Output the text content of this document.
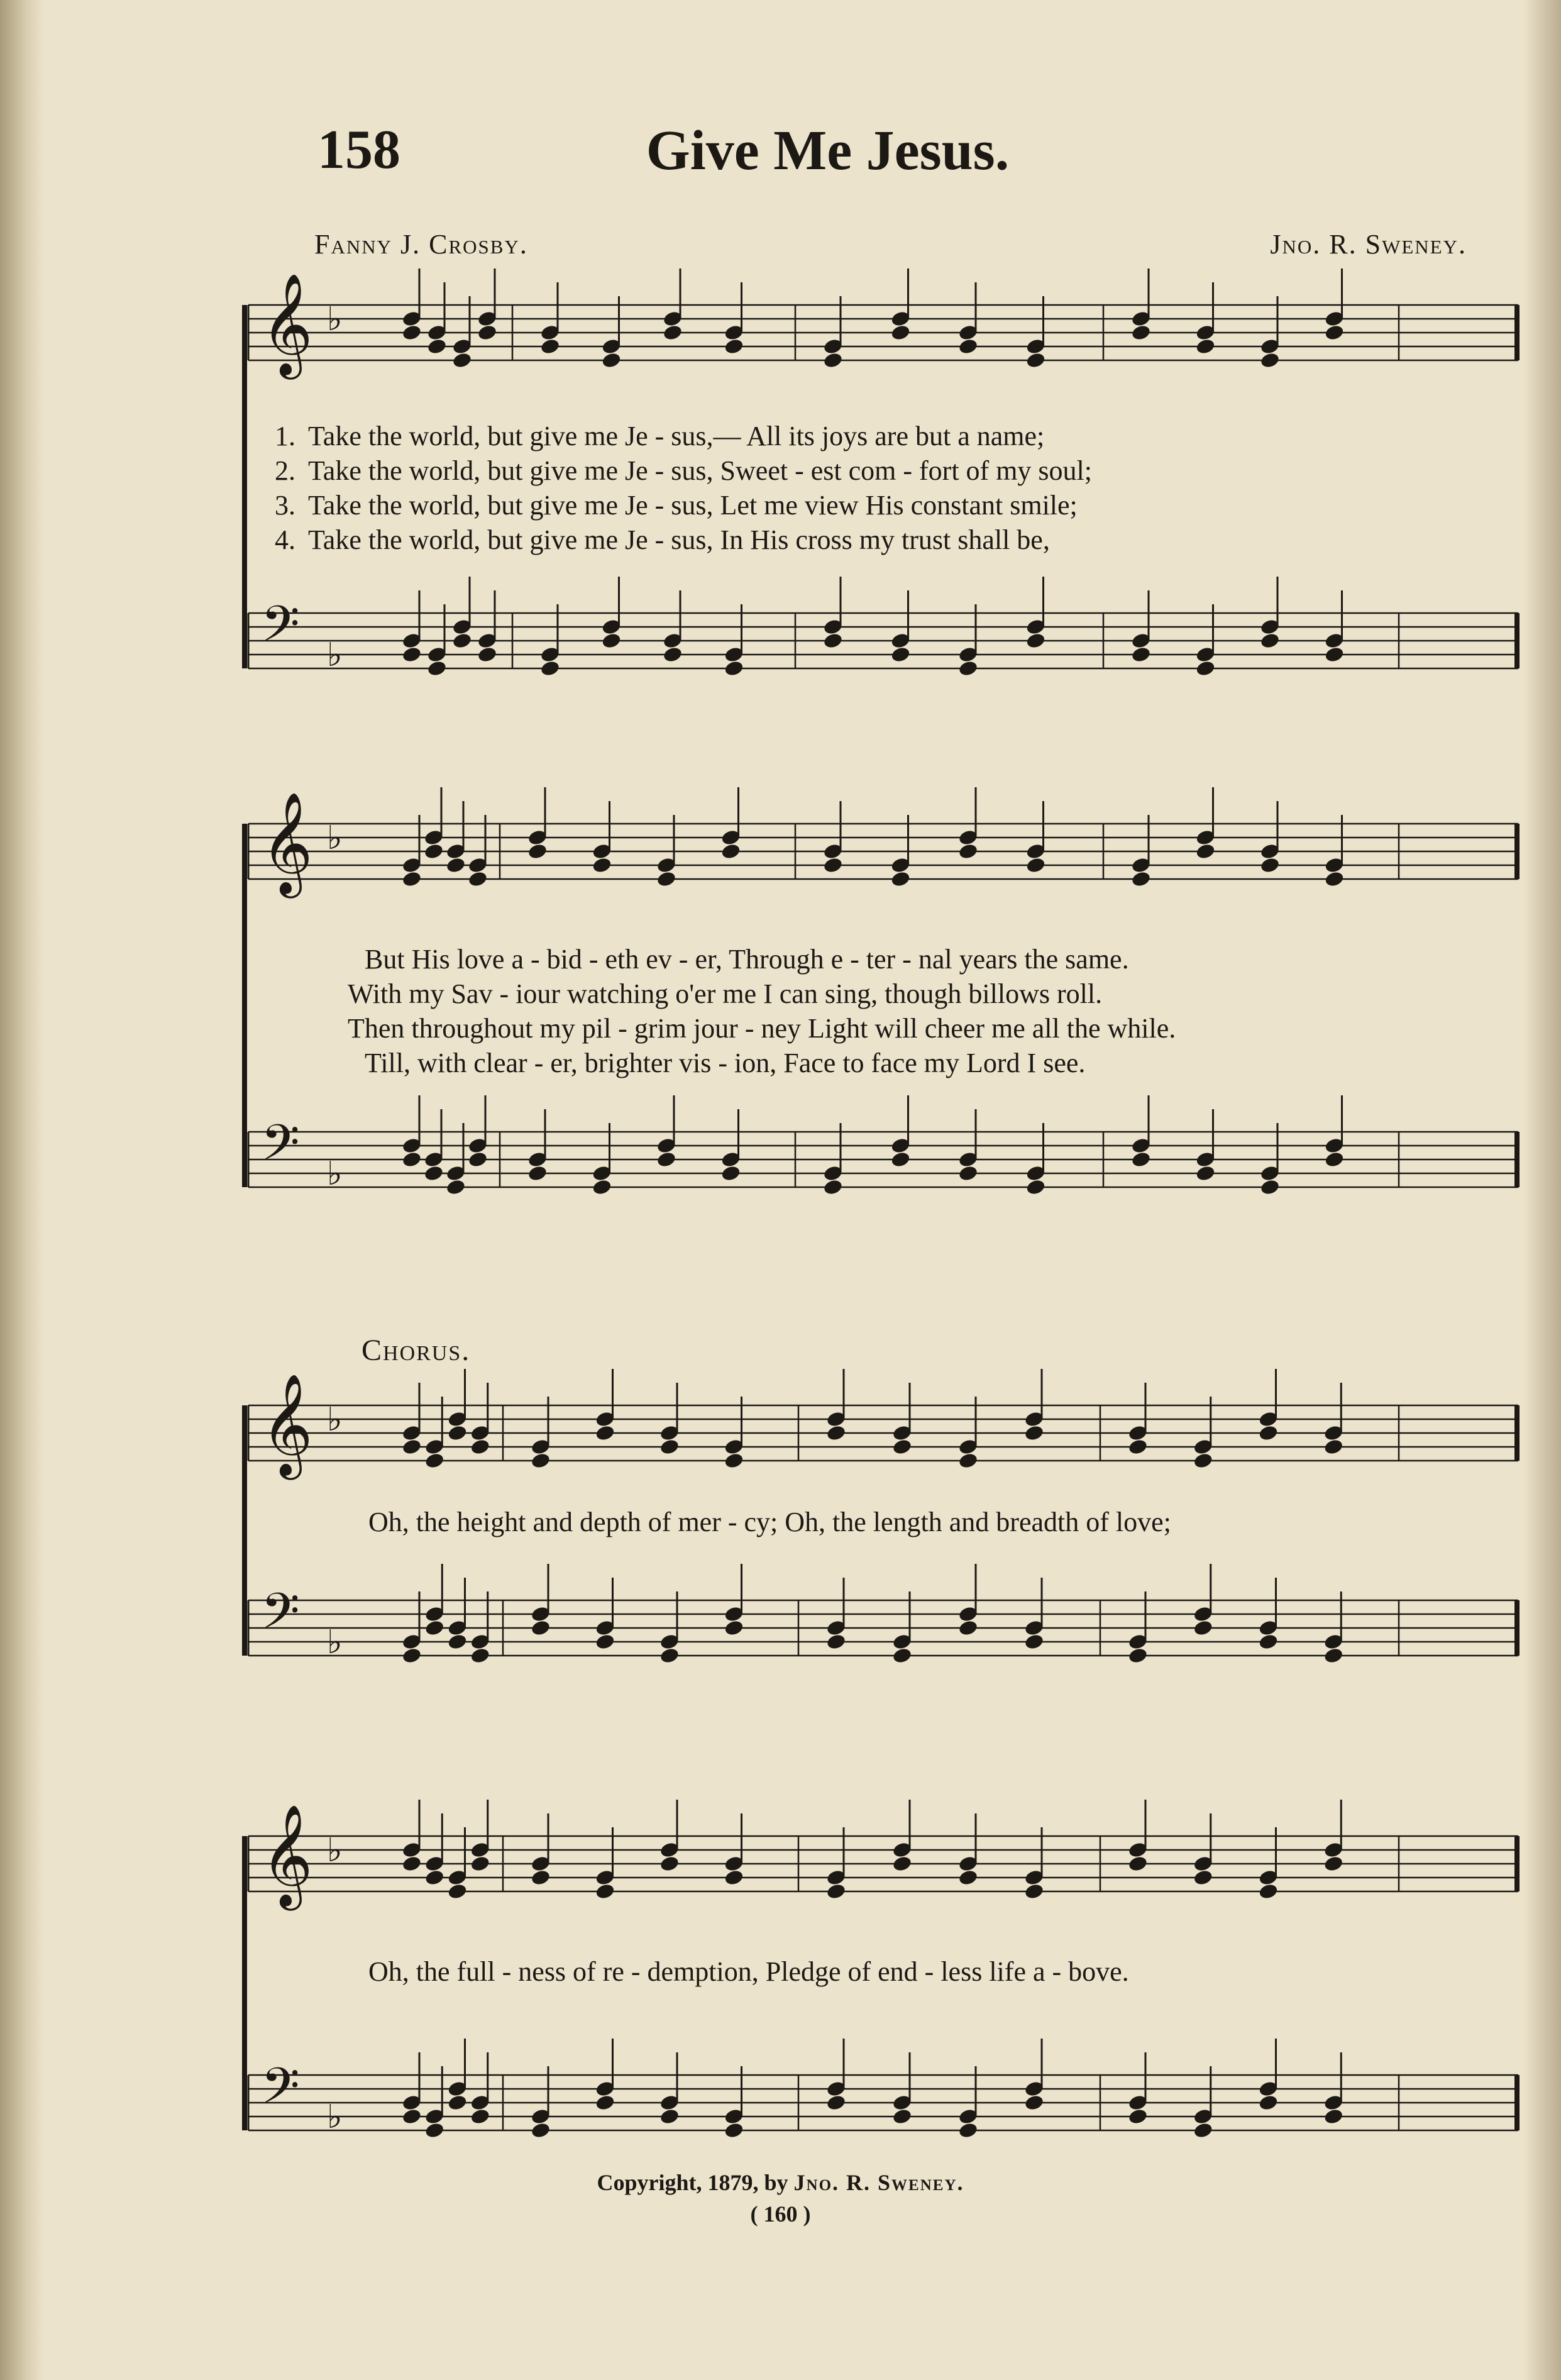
158	Give Me Jesus.
Fanny J. Crosby.	Jno. R. Sweney.
𝄞 ♭
𝄢 ♭
𝄞 ♭
𝄢 ♭
𝄞 ♭
𝄢 ♭
𝄞 ♭
𝄢 ♭
1. Take the world, but give me Je - sus,— All its joys are but a name;
2. Take the world, but give me Je - sus, Sweet - est com - fort of my soul;
3. Take the world, but give me Je - sus, Let me view His constant smile;
4. Take the world, but give me Je - sus, In His cross my trust shall be,
But His love a - bid - eth ev - er, Through e - ter - nal years the same.
With my Sav - iour watching o'er me I can sing, though billows roll.
Then throughout my pil - grim jour - ney Light will cheer me all the while.
Till, with clear - er, brighter vis - ion, Face to face my Lord I see.
Chorus.
Oh, the height and depth of mer - cy; Oh, the length and breadth of love;
Oh, the full - ness of re - demption, Pledge of end - less life a - bove.
Copyright, 1879, by Jno. R. Sweney.
( 160 )
